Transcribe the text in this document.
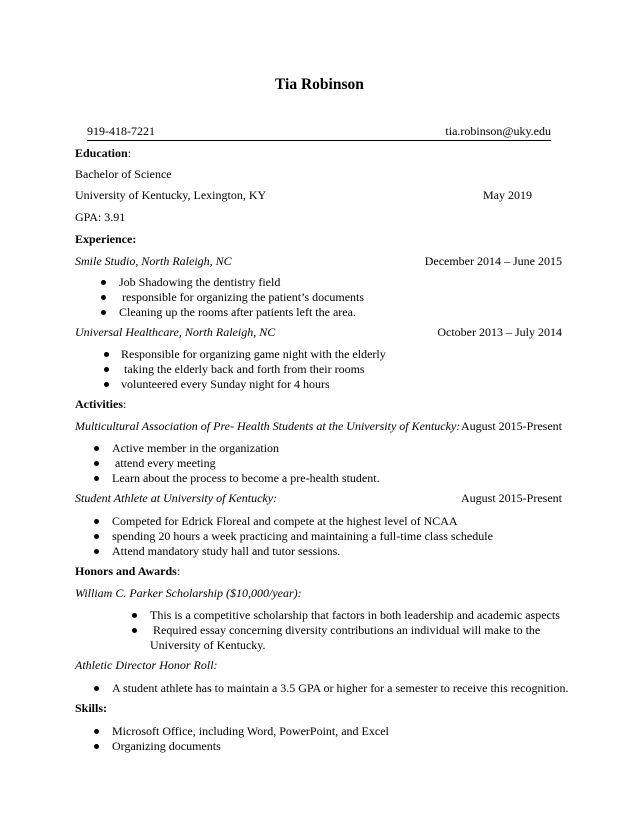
Tia Robinson
919-418-7221	tia.robinson@uky.edu
Education:
Bachelor of Science
University of Kentucky, Lexington, KY	May 2019
GPA: 3.91
Experience:
Smile Studio, North Raleigh, NC	December 2014 – June 2015
Job Shadowing the dentistry field
responsible for organizing the patient’s documents
Cleaning up the rooms after patients left the area.
Universal Healthcare, North Raleigh, NC	October 2013 – July 2014
Responsible for organizing game night with the elderly
taking the elderly back and forth from their rooms
volunteered every Sunday night for 4 hours
Activities:
Multicultural Association of Pre- Health Students at the University of Kentucky: August 2015-Present
Active member in the organization
attend every meeting
Learn about the process to become a pre-health student.
Student Athlete at University of Kentucky:	August 2015-Present
Competed for Edrick Floreal and compete at the highest level of NCAA
spending 20 hours a week practicing and maintaining a full-time class schedule
Attend mandatory study hall and tutor sessions.
Honors and Awards:
William C. Parker Scholarship ($10,000/year):
This is a competitive scholarship that factors in both leadership and academic aspects
Required essay concerning diversity contributions an individual will make to the
University of Kentucky.
Athletic Director Honor Roll:
A student athlete has to maintain a 3.5 GPA or higher for a semester to receive this recognition.
Skills:
Microsoft Office, including Word, PowerPoint, and Excel
Organizing documents
